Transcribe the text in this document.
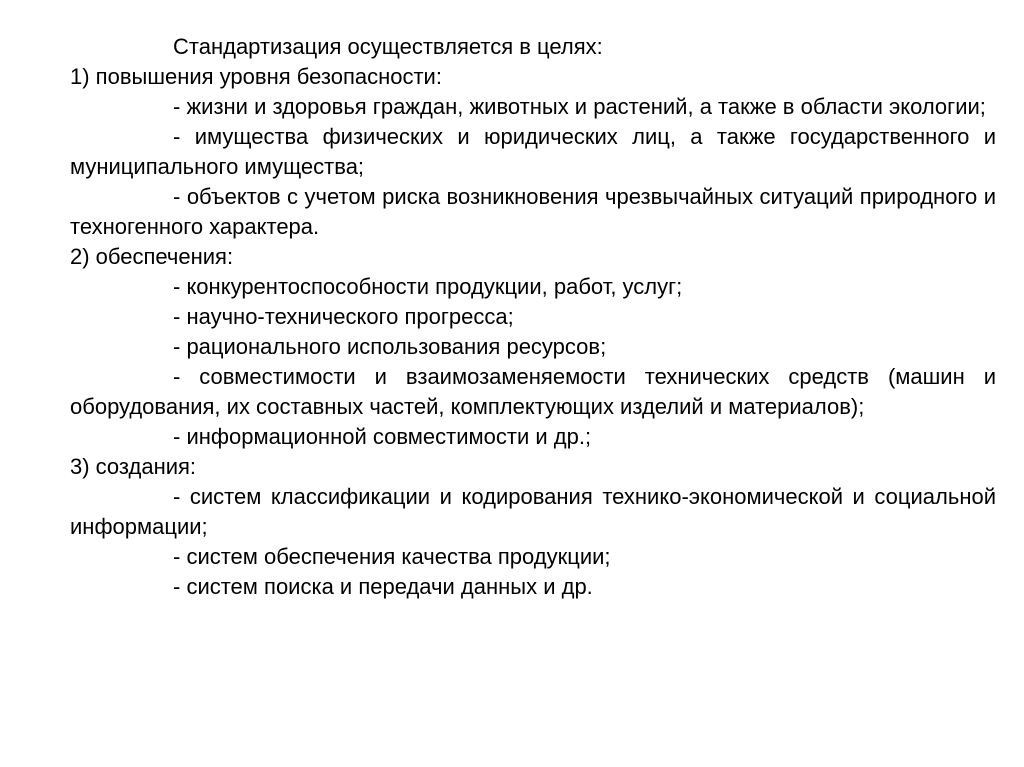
Стандартизация осуществляется в целях:

1) повышения уровня безопасности:

- жизни и здоровья граждан, животных и растений, а также в области экологии;

- имущества физических и юридических лиц, а также государственного и муниципального имущества;

- объектов с учетом риска возникновения чрезвычайных ситуаций природного и техногенного характера.

2) обеспечения:

- конкурентоспособности продукции, работ, услуг;

- научно-технического прогресса;

- рационального использования ресурсов;

- совместимости и взаимозаменяемости технических средств (машин и оборудования, их составных частей, комплектующих изделий и материалов);

- информационной совместимости и др.;

3) создания:

- систем классификации и кодирования технико-экономической и социальной информации;

- систем обеспечения качества продукции;

- систем поиска и передачи данных и др.
